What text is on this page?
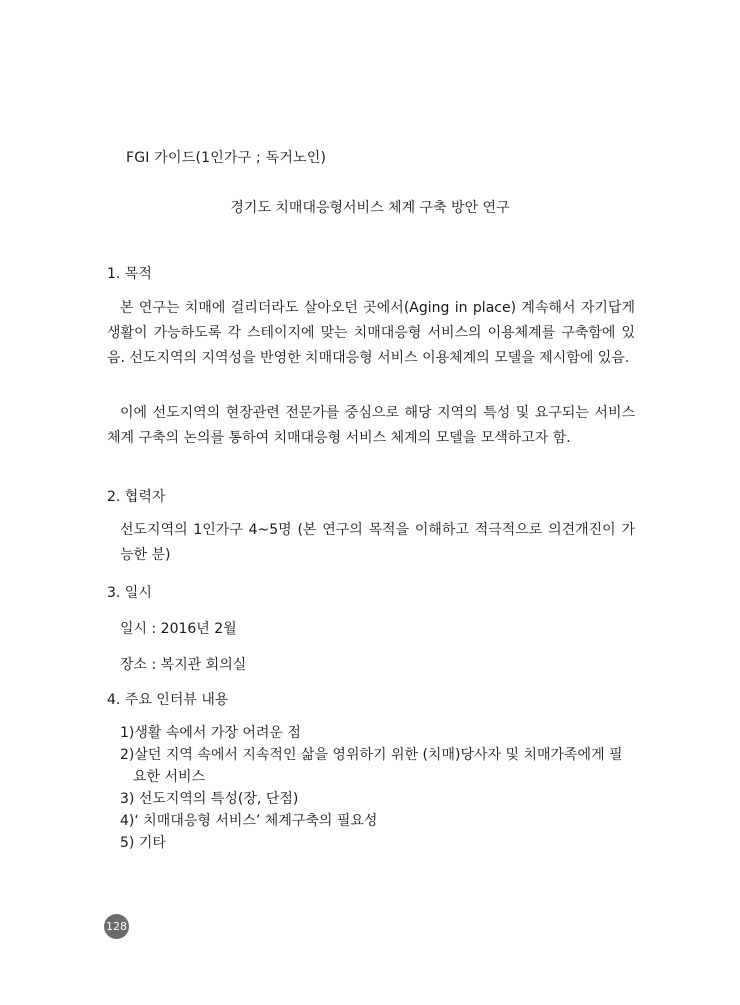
FGI 가이드(1인가구 ; 독거노인)

경기도 치매대응형서비스 체계 구축 방안 연구

1. 목적

본 연구는 치매에 걸리더라도 살아오던 곳에서(Aging in place) 계속해서 자기답게 생활이 가능하도록 각 스테이지에 맞는 치매대응형 서비스의 이용체계를 구축함에 있음. 선도지역의 지역성을 반영한 치매대응형 서비스 이용체계의 모델을 제시함에 있음.

이에 선도지역의 현장관련 전문가를 중심으로 해당 지역의 특성 및 요구되는 서비스 체계 구축의 논의를 통하여 치매대응형 서비스 체계의 모델을 모색하고자 함.

2. 협력자

선도지역의 1인가구 4~5명 (본 연구의 목적을 이해하고 적극적으로 의견개진이 가능한 분)

3. 일시

일시 : 2016년 2월

장소 : 복지관 회의실

4. 주요 인터뷰 내용

1)생활 속에서 가장 어려운 점
2)살던 지역 속에서 지속적인 삶을 영위하기 위한 (치매)당사자 및 치매가족에게 필요한 서비스
3) 선도지역의 특성(장, 단점)
4)‘ 치매대응형 서비스’ 체계구축의 필요성
5) 기타
128
